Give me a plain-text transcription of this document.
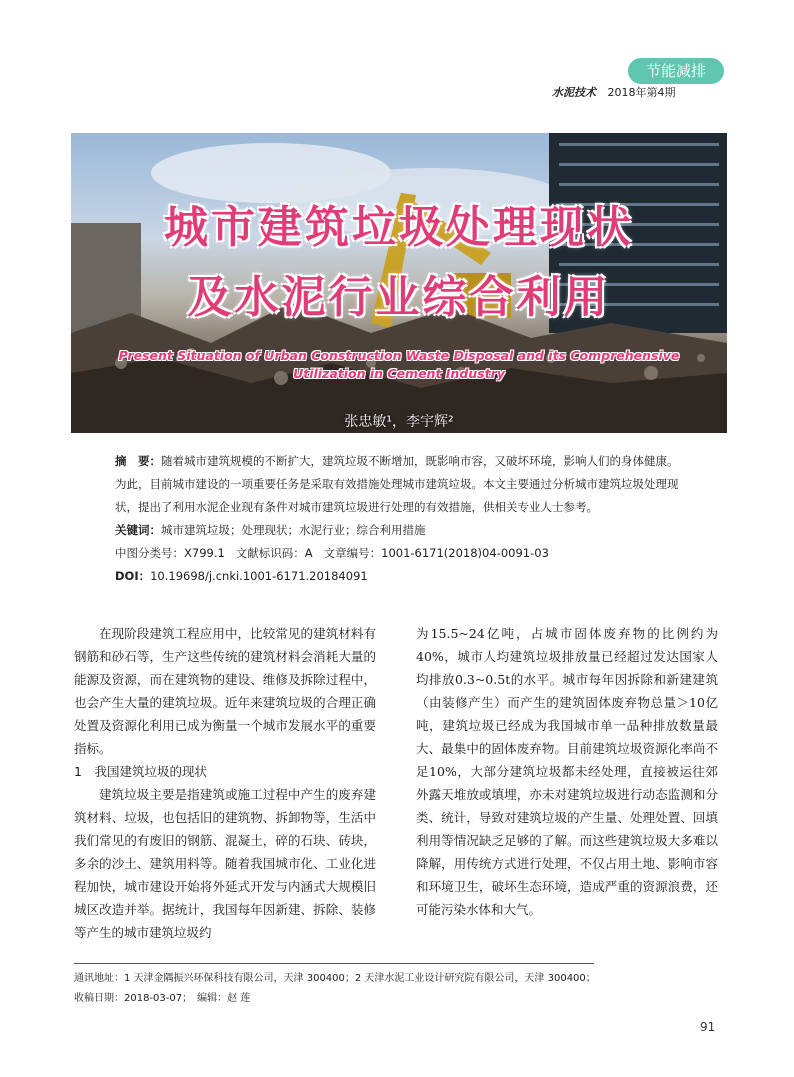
节能减排
水泥技术 2018年第4期
城市建筑垃圾处理现状
及水泥行业综合利用
Present Situation of Urban Construction Waste Disposal and its Comprehensive Utilization in Cement Industry
张忠敏¹，李宇辉²

摘　要：随着城市建筑规模的不断扩大，建筑垃圾不断增加，既影响市容，又破坏环境，影响人们的身体健康。为此，目前城市建设的一项重要任务是采取有效措施处理城市建筑垃圾。本文主要通过分析城市建筑垃圾处理现状，提出了利用水泥企业现有条件对城市建筑垃圾进行处理的有效措施，供相关专业人士参考。

关键词：城市建筑垃圾；处理现状；水泥行业；综合利用措施

中图分类号：X799.1 文献标识码：A 文章编号：1001-6171(2018)04-0091-03
DOI：10.19698/j.cnki.1001-6171.20184091

在现阶段建筑工程应用中，比较常见的建筑材料有钢筋和砂石等，生产这些传统的建筑材料会消耗大量的能源及资源，而在建筑物的建设、维修及拆除过程中，也会产生大量的建筑垃圾。近年来建筑垃圾的合理正确处置及资源化利用已成为衡量一个城市发展水平的重要指标。

1　我国建筑垃圾的现状

建筑垃圾主要是指建筑或施工过程中产生的废弃建筑材料、垃圾，也包括旧的建筑物、拆卸物等，生活中我们常见的有废旧的钢筋、混凝土，碎的石块、砖块，多余的沙土、建筑用料等。随着我国城市化、工业化进程加快，城市建设开始将外延式开发与内涵式大规模旧城区改造并举。据统计，我国每年因新建、拆除、装修等产生的城市建筑垃圾约

为15.5~24亿吨，占城市固体废弃物的比例约为40%，城市人均建筑垃圾排放量已经超过发达国家人均排放0.3~0.5t的水平。城市每年因拆除和新建建筑（由装修产生）而产生的建筑固体废弃物总量＞10亿吨，建筑垃圾已经成为我国城市单一品种排放数量最大、最集中的固体废弃物。目前建筑垃圾资源化率尚不足10%，大部分建筑垃圾都未经处理，直接被运往郊外露天堆放或填埋，亦未对建筑垃圾进行动态监测和分类、统计，导致对建筑垃圾的产生量、处理处置、回填利用等情况缺乏足够的了解。而这些建筑垃圾大多难以降解，用传统方式进行处理，不仅占用土地、影响市容和环境卫生，破坏生态环境，造成严重的资源浪费，还可能污染水体和大气。

通讯地址：1 天津金隅振兴环保科技有限公司，天津 300400；2 天津水泥工业设计研究院有限公司，天津 300400；
收稿日期：2018-03-07；　编辑：赵 莲
91
